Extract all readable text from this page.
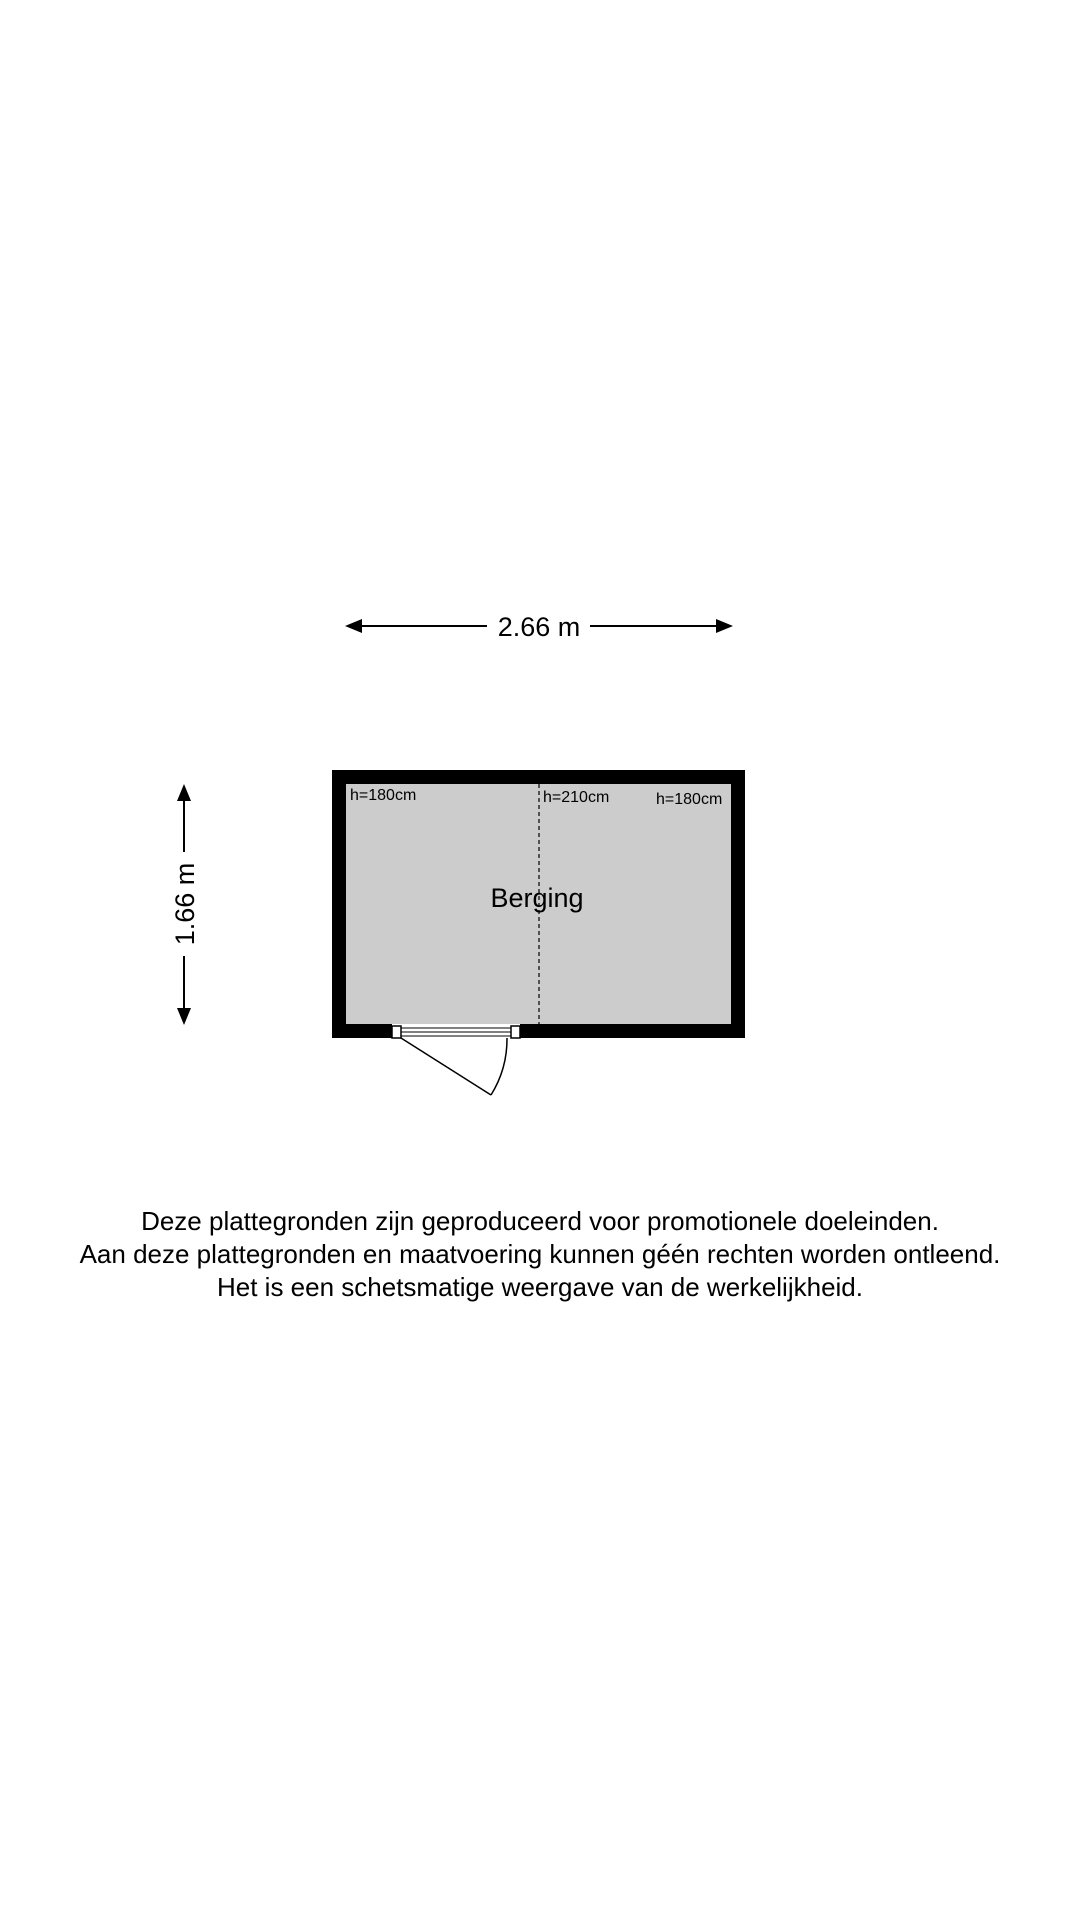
2.66 m
1.66 m
h=180cm	h=210cm	h=180cm
Berging
Deze plattegronden zijn geproduceerd voor promotionele doeleinden.
Aan deze plattegronden en maatvoering kunnen géén rechten worden ontleend.
Het is een schetsmatige weergave van de werkelijkheid.
